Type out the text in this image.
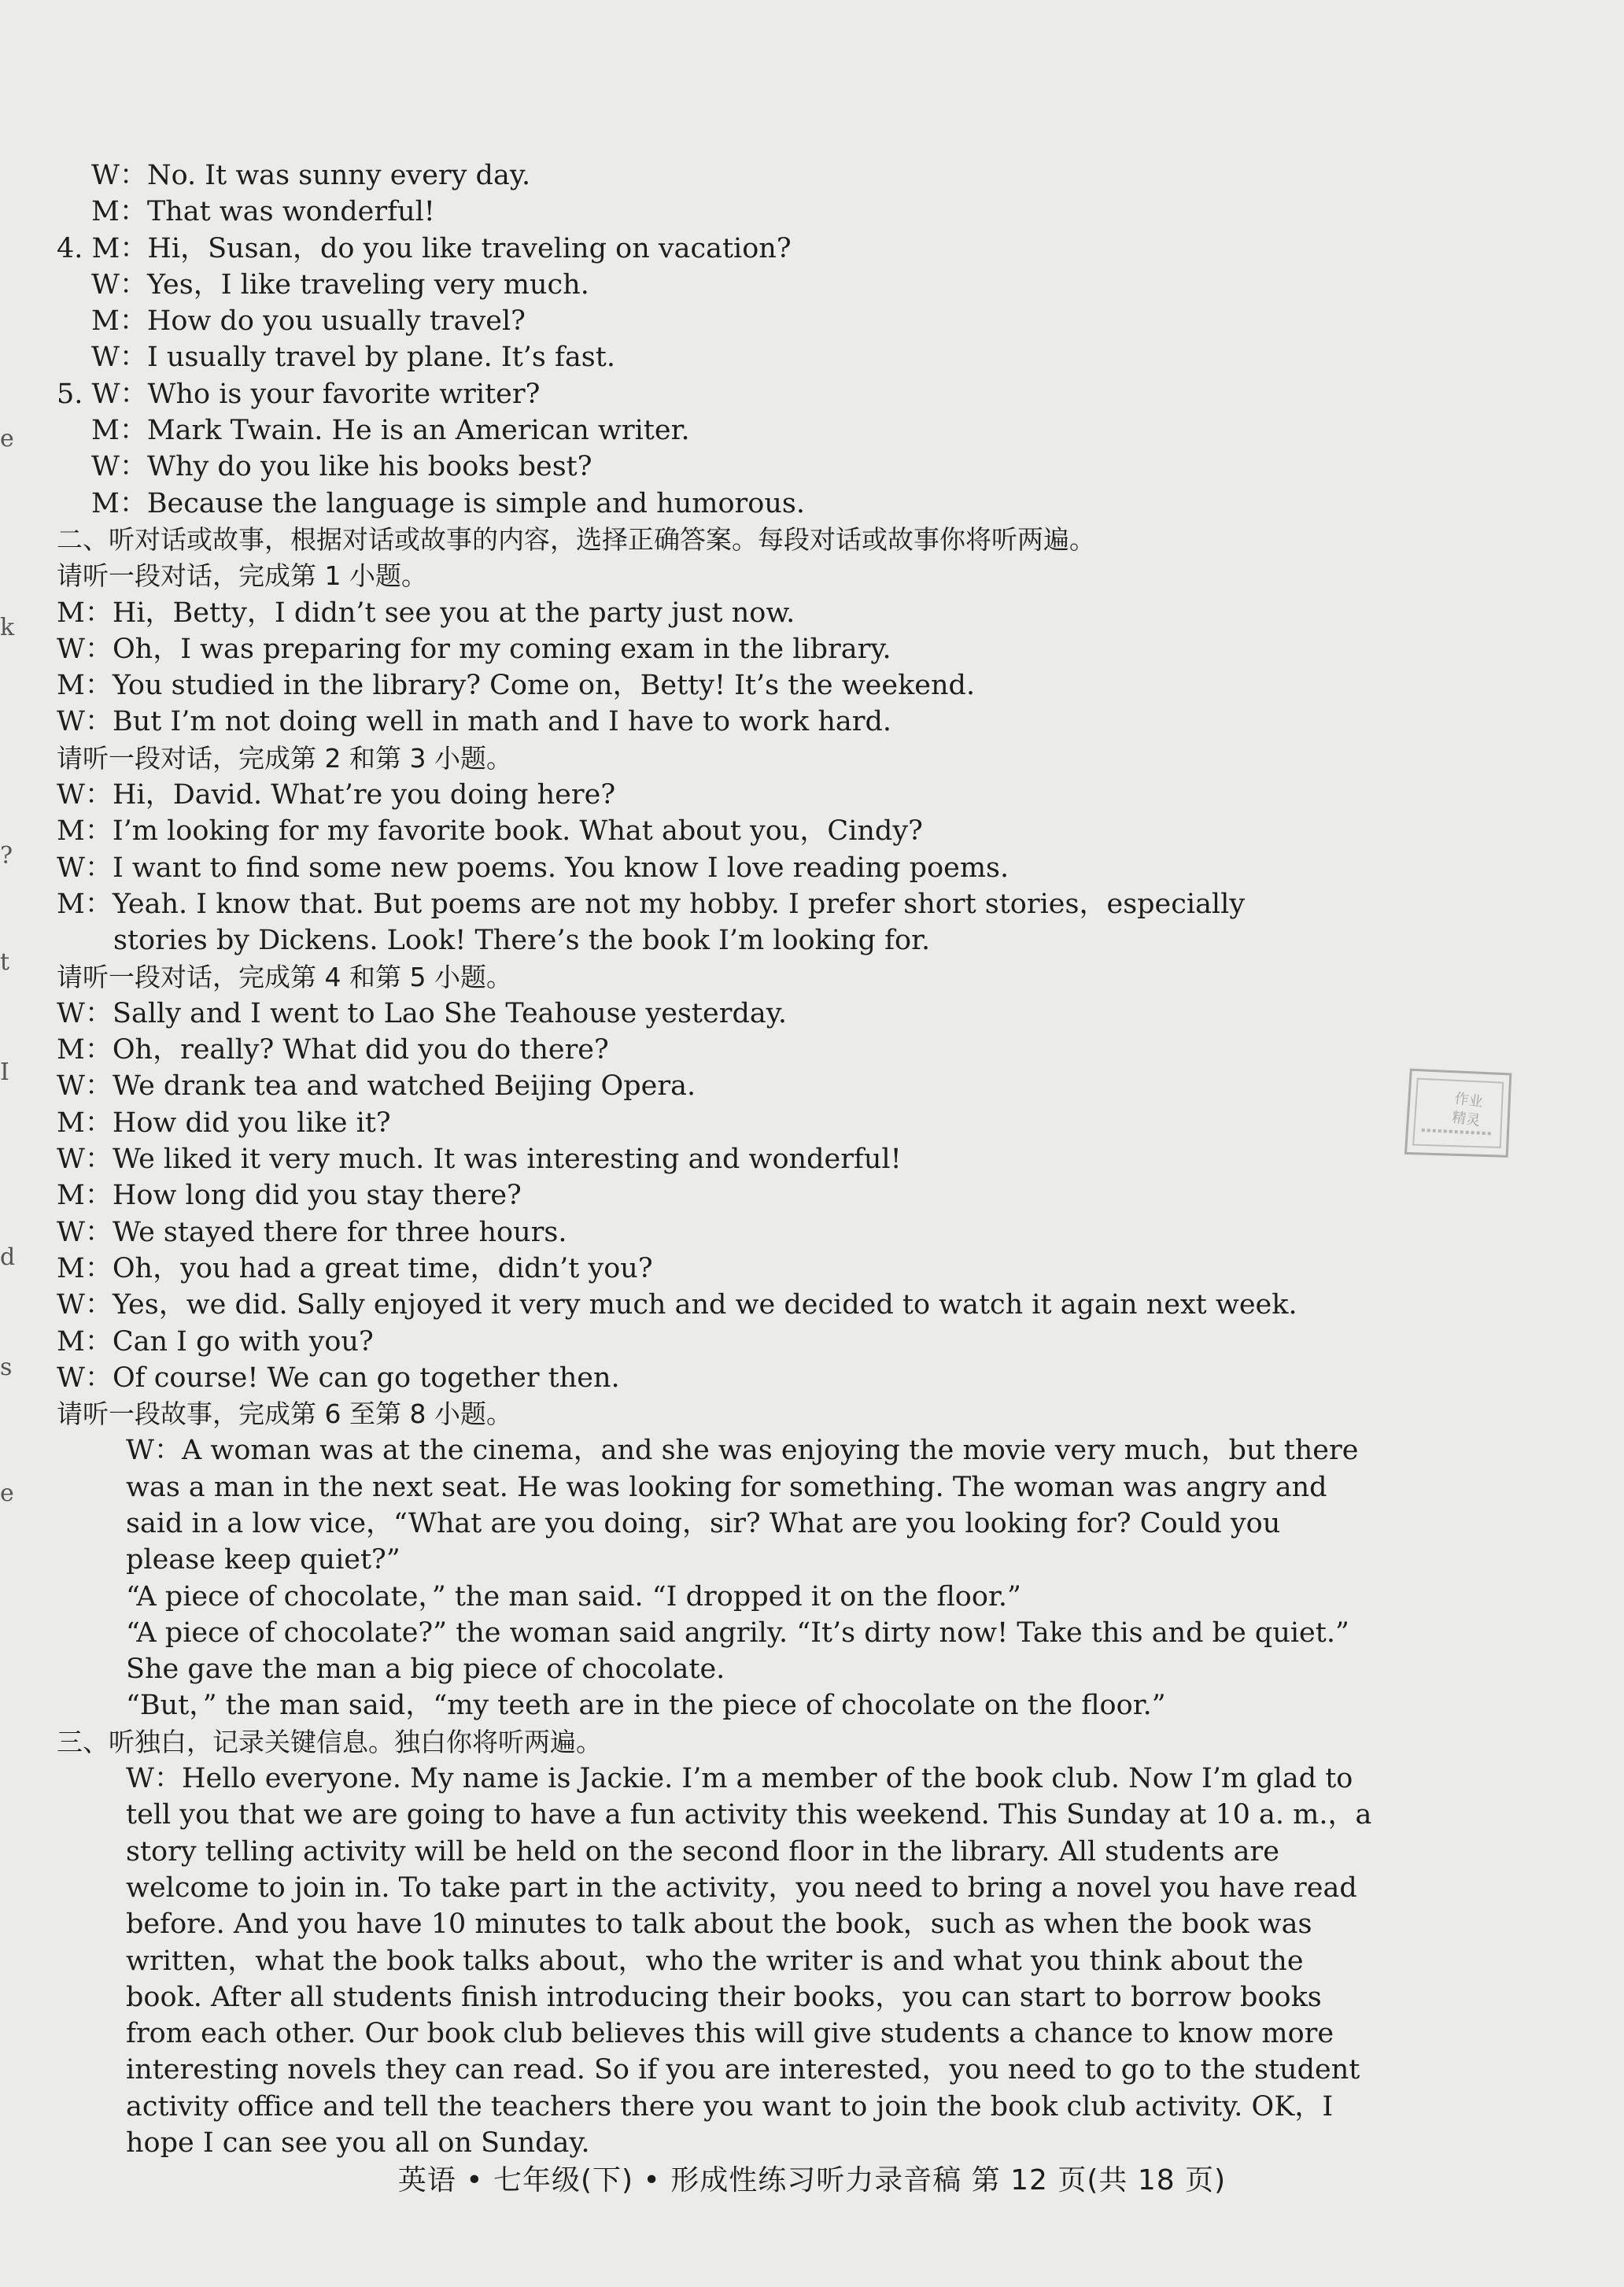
W：No. It was sunny every day.
M：That was wonderful!
4. M：Hi，Susan，do you like traveling on vacation?
W：Yes，I like traveling very much.
M：How do you usually travel?
W：I usually travel by plane. It’s fast.
5. W：Who is your favorite writer?
M：Mark Twain. He is an American writer.
W：Why do you like his books best?
M：Because the language is simple and humorous.
二、听对话或故事，根据对话或故事的内容，选择正确答案。每段对话或故事你将听两遍。
请听一段对话，完成第 1 小题。
M：Hi，Betty，I didn’t see you at the party just now.
W：Oh，I was preparing for my coming exam in the library.
M：You studied in the library? Come on，Betty! It’s the weekend.
W：But I’m not doing well in math and I have to work hard.
请听一段对话，完成第 2 和第 3 小题。
W：Hi，David. What’re you doing here?
M：I’m looking for my favorite book. What about you，Cindy?
W：I want to find some new poems. You know I love reading poems.
M：Yeah. I know that. But poems are not my hobby. I prefer short stories，especially
stories by Dickens. Look! There’s the book I’m looking for.
请听一段对话，完成第 4 和第 5 小题。
W：Sally and I went to Lao She Teahouse yesterday.
M：Oh，really? What did you do there?
W：We drank tea and watched Beijing Opera.
M：How did you like it?
W：We liked it very much. It was interesting and wonderful!
M：How long did you stay there?
W：We stayed there for three hours.
M：Oh，you had a great time，didn’t you?
W：Yes，we did. Sally enjoyed it very much and we decided to watch it again next week.
M：Can I go with you?
W：Of course! We can go together then.
请听一段故事，完成第 6 至第 8 小题。
W：A woman was at the cinema，and she was enjoying the movie very much，but there was a man in the next seat. He was looking for something. The woman was angry and said in a low vice，“What are you doing，sir? What are you looking for? Could you please keep quiet?”
“A piece of chocolate，” the man said. “I dropped it on the floor.”
“A piece of chocolate?” the woman said angrily. “It’s dirty now! Take this and be quiet.” She gave the man a big piece of chocolate.
“But，” the man said，“my teeth are in the piece of chocolate on the floor.”
三、听独白，记录关键信息。独白你将听两遍。
W：Hello everyone. My name is Jackie. I’m a member of the book club. Now I’m glad to tell you that we are going to have a fun activity this weekend. This Sunday at 10 a. m.，a story telling activity will be held on the second floor in the library. All students are welcome to join in. To take part in the activity，you need to bring a novel you have read before. And you have 10 minutes to talk about the book，such as when the book was written，what the book talks about，who the writer is and what you think about the book. After all students finish introducing their books，you can start to borrow books from each other. Our book club believes this will give students a chance to know more interesting novels they can read. So if you are interested，you need to go to the student activity office and tell the teachers there you want to join the book club activity. OK，I hope I can see you all on Sunday.
作业
精灵
e
k
?
t
I
d
s
e
英语 • 七年级(下) • 形成性练习听力录音稿 第 12 页(共 18 页)
